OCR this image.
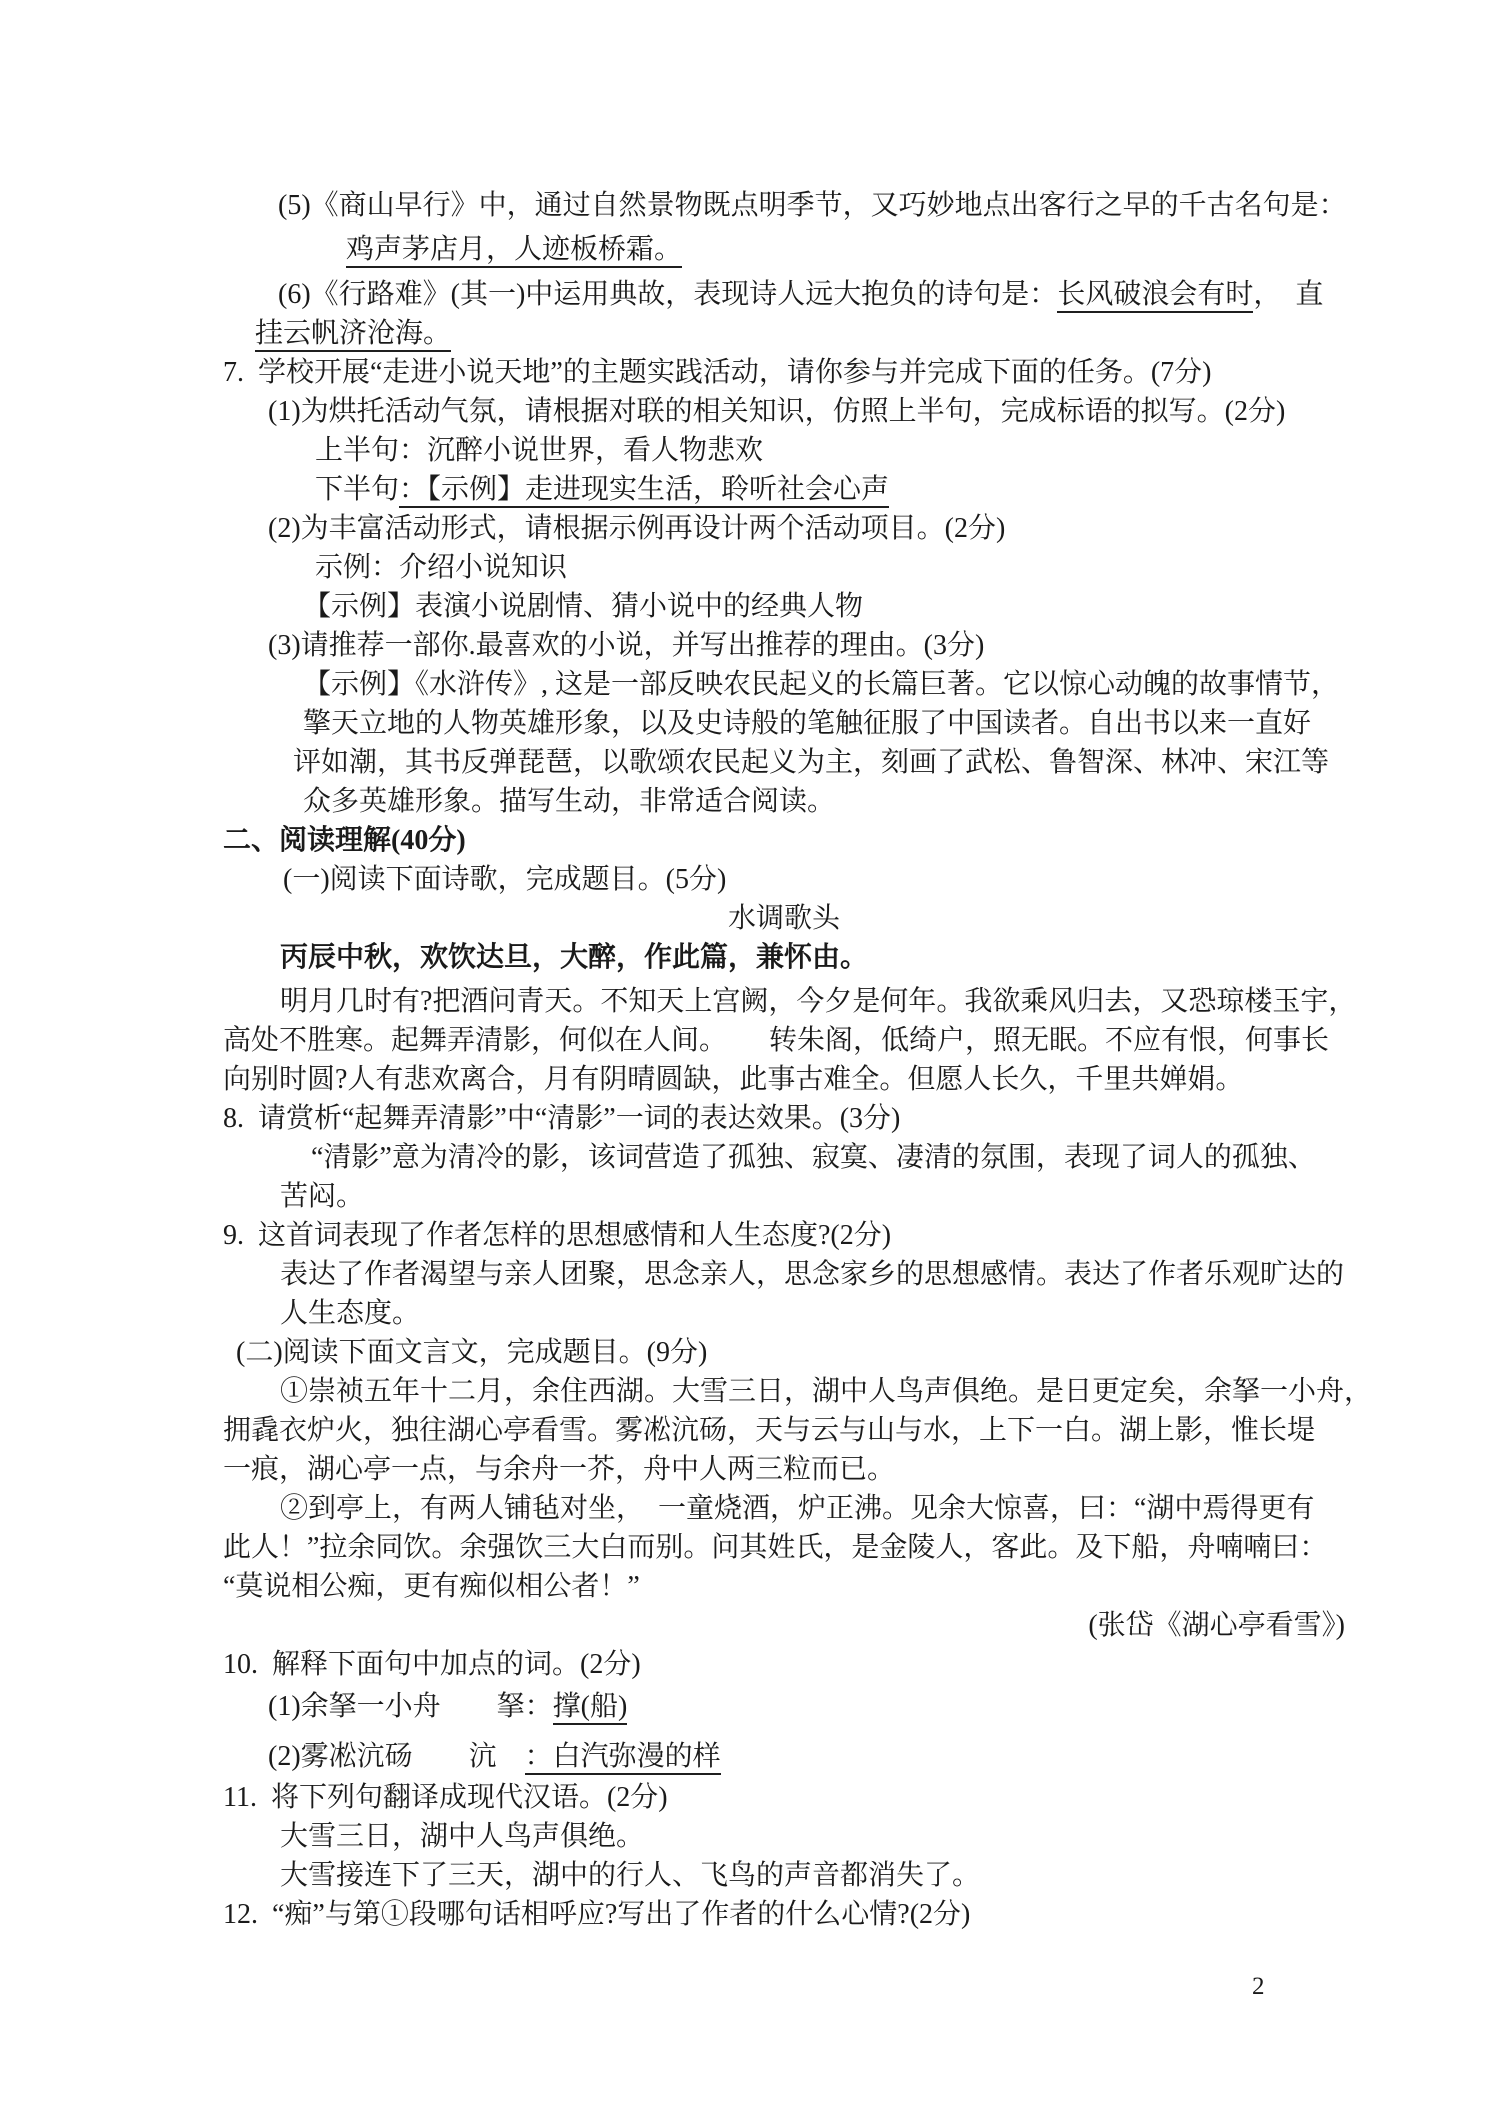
(5)《商山早行》中，通过自然景物既点明季节，又巧妙地点出客行之早的千古名句是：
鸡声茅店月，人迹板桥霜。
(6)《行路难》(其一)中运用典故，表现诗人远大抱负的诗句是：长风破浪会有时，　直
挂云帆济沧海。
7.  学校开展“走进小说天地”的主题实践活动，请你参与并完成下面的任务。(7分)
(1)为烘托活动气氛，请根据对联的相关知识，仿照上半句，完成标语的拟写。(2分)
上半句：沉醉小说世界，看人物悲欢
下半句：【示例】走进现实生活，聆听社会心声
(2)为丰富活动形式，请根据示例再设计两个活动项目。(2分)
示例：介绍小说知识
【示例】表演小说剧情、猜小说中的经典人物
(3)请推荐一部你.最喜欢的小说，并写出推荐的理由。(3分)
【示例】《水浒传》, 这是一部反映农民起义的长篇巨著。它以惊心动魄的故事情节，
擎天立地的人物英雄形象，以及史诗般的笔触征服了中国读者。自出书以来一直好
评如潮，其书反弹琵琶，以歌颂农民起义为主，刻画了武松、鲁智深、林冲、宋江等
众多英雄形象。描写生动，非常适合阅读。
二、阅读理解(40分)
(一)阅读下面诗歌，完成题目。(5分)
水调歌头
丙辰中秋，欢饮达旦，大醉，作此篇，兼怀由。
明月几时有?把酒问青天。不知天上宫阙，今夕是何年。我欲乘风归去，又恐琼楼玉宇，
高处不胜寒。起舞弄清影，何似在人间。　　转朱阁，低绮户，照无眠。不应有恨，何事长
向别时圆?人有悲欢离合，月有阴晴圆缺，此事古难全。但愿人长久，千里共婵娟。
8.  请赏析“起舞弄清影”中“清影”一词的表达效果。(3分)
“清影”意为清冷的影，该词营造了孤独、寂寞、凄清的氛围，表现了词人的孤独、
苦闷。
9.  这首词表现了作者怎样的思想感情和人生态度?(2分)
表达了作者渴望与亲人团聚，思念亲人，思念家乡的思想感情。表达了作者乐观旷达的
人生态度。
(二)阅读下面文言文，完成题目。(9分)
①崇祯五年十二月，余住西湖。大雪三日，湖中人鸟声俱绝。是日更定矣，余拏一小舟，
拥毳衣炉火，独往湖心亭看雪。雾凇沆砀，天与云与山与水，上下一白。湖上影，惟长堤
一痕，湖心亭一点，与余舟一芥，舟中人两三粒而已。
②到亭上，有两人铺毡对坐，　一童烧酒，炉正沸。见余大惊喜，曰：“湖中焉得更有
此人！”拉余同饮。余强饮三大白而别。问其姓氏，是金陵人，客此。及下船，舟喃喃曰：
“莫说相公痴，更有痴似相公者！”
(张岱《湖心亭看雪》)
10.  解释下面句中加点的词。(2分)
(1)余拏一小舟　　拏：撑(船)
(2)雾凇沆砀　　沆　：白汽弥漫的样
11.  将下列句翻译成现代汉语。(2分)
大雪三日，湖中人鸟声俱绝。
大雪接连下了三天，湖中的行人、飞鸟的声音都消失了。
12.  “痴”与第①段哪句话相呼应?写出了作者的什么心情?(2分)
2
